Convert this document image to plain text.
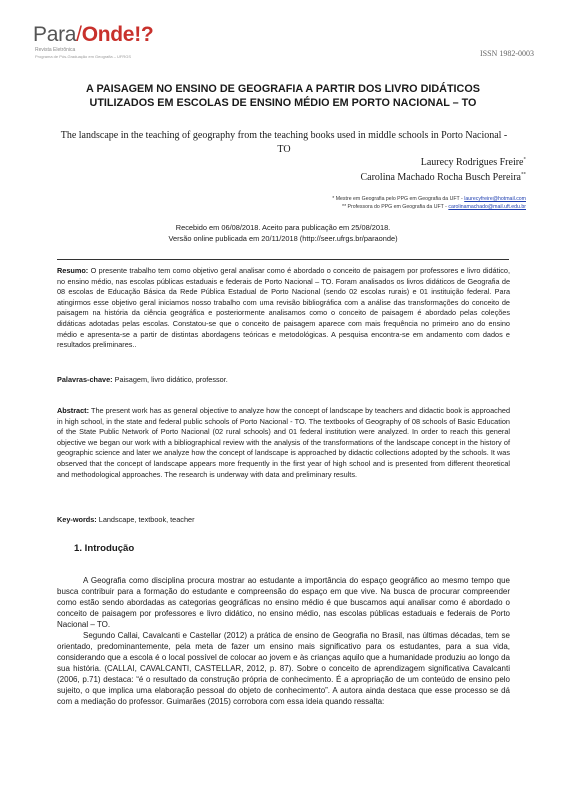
Para/Onde!?
Revista Eletrônica
Programa de Pós-Graduação em Geografia – UFRGS	ISSN 1982-0003
A PAISAGEM NO ENSINO DE GEOGRAFIA A PARTIR DOS LIVRO DIDÁTICOS
UTILIZADOS EM ESCOLAS DE ENSINO MÉDIO EM PORTO NACIONAL – TO
The landscape in the teaching of geography from the teaching books used in middle schools in Porto Nacional - TO
Laurecy Rodrigues Freire*
Carolina Machado Rocha Busch Pereira**
* Mestre em Geografia pelo PPG em Geografia da UFT - laurecyfreire@hotmail.com
** Professora do PPG em Geografia da UFT - carolinamachado@mail.uft.edu.br
Recebido em 06/08/2018. Aceito para publicação em 25/08/2018.
Versão online publicada em 20/11/2018 (http://seer.ufrgs.br/paraonde)
Resumo: O presente trabalho tem como objetivo geral analisar como é abordado o conceito de paisagem por professores e livro didático, no ensino médio, nas escolas públicas estaduais e federais de Porto Nacional – TO. Foram analisados os livros didáticos de Geografia de 08 escolas de Educação Básica da Rede Pública Estadual de Porto Nacional (sendo 02 escolas rurais) e 01 instituição federal. Para atingirmos esse objetivo geral iniciamos nosso trabalho com uma revisão bibliográfica com a análise das transformações do conceito de paisagem na história da ciência geográfica e posteriormente analisamos como o conceito de paisagem é abordado pelas coleções didáticas adotadas pelas escolas. Constatou-se que o conceito de paisagem aparece com mais frequência no primeiro ano do ensino médio e apresenta-se a partir de distintas abordagens teóricas e metodológicas. A pesquisa encontra-se em andamento com dados e resultados preliminares..
Palavras-chave: Paisagem, livro didático, professor.
Abstract: The present work has as general objective to analyze how the concept of landscape by teachers and didactic book is approached in high school, in the state and federal public schools of Porto Nacional - TO. The textbooks of Geography of 08 schools of Basic Education of the State Public Network of Porto Nacional (02 rural schools) and 01 federal institution were analyzed. In order to reach this general objective we began our work with a bibliographical review with the analysis of the transformations of the landscape concept in the history of geographic science and later we analyze how the concept of landscape is approached by didactic collections adopted by the schools. It was observed that the concept of landscape appears more frequently in the first year of high school and is presented from different theoretical and methodological approaches. The research is underway with data and preliminary results.
Key-words: Landscape, textbook, teacher
1. Introdução
A Geografia como disciplina procura mostrar ao estudante a importância do espaço geográfico ao mesmo tempo que busca contribuir para a formação do estudante e compreensão do espaço em que vive. Na busca de procurar compreender como estão sendo abordadas as categorias geográficas no ensino médio é que buscamos aqui analisar como é abordado o conceito de paisagem por professores e livro didático, no ensino médio, nas escolas públicas estaduais e federais de Porto Nacional – TO.
Segundo Callai, Cavalcanti e Castellar (2012) a prática de ensino de Geografia no Brasil, nas últimas décadas, tem se orientado, predominantemente, pela meta de fazer um ensino mais significativo para os estudantes, para a sua vida, considerando que a escola é o local possível de colocar ao jovem e às crianças aquilo que a humanidade produziu ao longo da sua história. (CALLAI, CAVALCANTI, CASTELLAR, 2012, p. 87). Sobre o conceito de aprendizagem significativa Cavalcanti (2006, p.71) destaca: “é o resultado da construção própria de conhecimento. É a apropriação de um conteúdo de ensino pelo sujeito, o que implica uma elaboração pessoal do objeto de conhecimento”. A autora ainda destaca que esse processo se dá com a mediação do professor. Guimarães (2015) corrobora com essa ideia quando ressalta:
